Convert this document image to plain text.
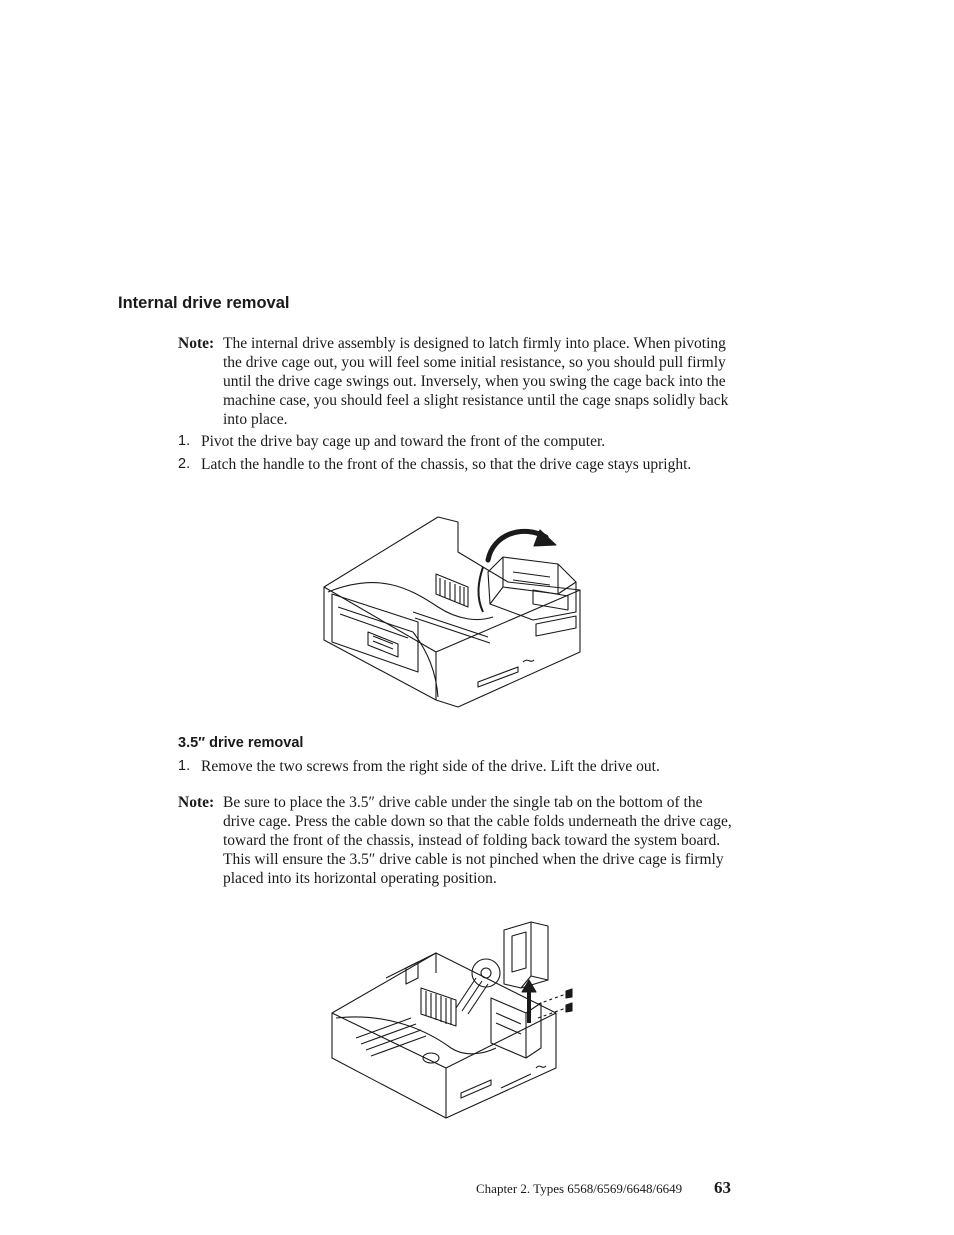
Internal drive removal
Note: The internal drive assembly is designed to latch firmly into place. When pivoting the drive cage out, you will feel some initial resistance, so you should pull firmly until the drive cage swings out. Inversely, when you swing the cage back into the machine case, you should feel a slight resistance until the cage snaps solidly back into place.
1. Pivot the drive bay cage up and toward the front of the computer.
2. Latch the handle to the front of the chassis, so that the drive cage stays upright.
3.5″ drive removal
1. Remove the two screws from the right side of the drive. Lift the drive out.
Note: Be sure to place the 3.5″ drive cable under the single tab on the bottom of the drive cage. Press the cable down so that the cable folds underneath the drive cage, toward the front of the chassis, instead of folding back toward the system board. This will ensure the 3.5″ drive cable is not pinched when the drive cage is firmly placed into its horizontal operating position.
Chapter 2. Types 6568/6569/6648/6649 63
